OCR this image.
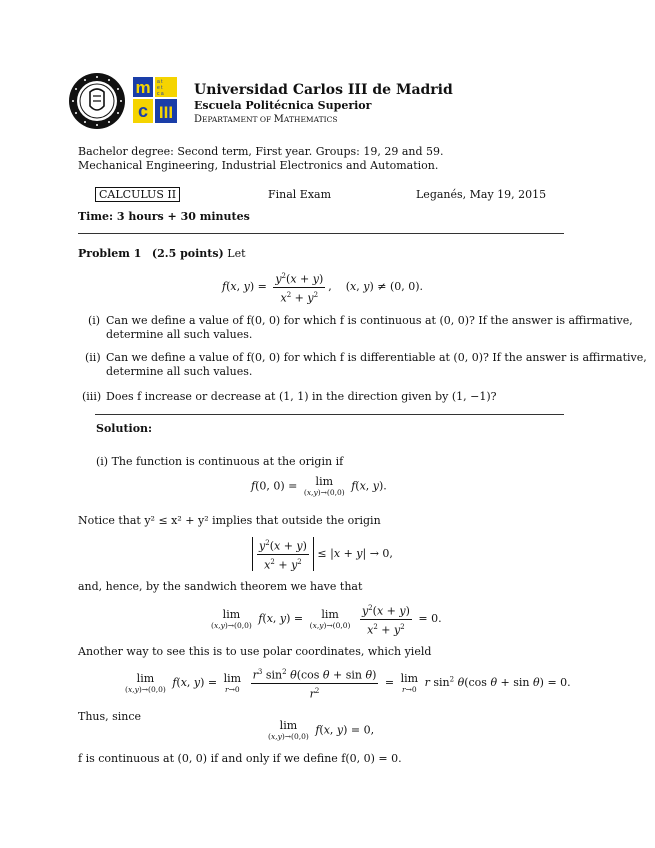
m a t
e t
c a
c III
Universidad Carlos III de Madrid
Escuela Politécnica Superior
DEPARTAMENT OF MATHEMATICS
Bachelor degree: Second term, First year. Groups: 19, 29 and 59.
Mechanical Engineering, Industrial Electronics and Automation.
CALCULUS II	Final Exam	Leganés, May 19, 2015
Time: 3 hours + 30 minutes
Problem 1 (2.5 points) Let
f(x, $y) = \frac{y^2(x + y)}{x^2 + y^2}$ ,    (x, y) ≠ (0, 0).
(i) Can we define a value of f(0, 0) for which f is continuous at (0, 0)? If the answer is affirmative,
determine all such values.
(ii) Can we define a value of f(0, 0) for which f is differentiable at (0, 0)? If the answer is affirmative,
determine all such values.
(iii) Does f increase or decrease at (1, 1) in the direction given by (1, −1)?
Solution:
(i) The function is continuous at the origin if
f(0, 0) = lim
(x,y)→(0,0) f(x, y).
Notice that y² ≤ x² + y² implies that outside the origin
$\frac{y^2(x + y)}{x^2 + y^2} \le |x + y| \to 0$,
and, hence, by the sandwich theorem we have that
lim
(x,y)→(0,0) f(x, y) = lim
(x,y)→(0,0)
$\frac{y^2(x + y)}{x^2 + y^2} = 0$.
Another way to see this is to use polar coordinates, which yield
lim
(x,y)→(0,0) f(x, y) = lim
r→0
$\frac{r^3 \sin^2 \theta(\cos \theta + \sin \theta)}{r^2} = \lim$
r→0 r $\sin^2 \theta(\cos$ θ + sin θ) = 0.
Thus, since
lim
(x,y)→(0,0) f(x, y) = 0,
f is continuous at (0, 0) if and only if we define f(0, 0) = 0.
